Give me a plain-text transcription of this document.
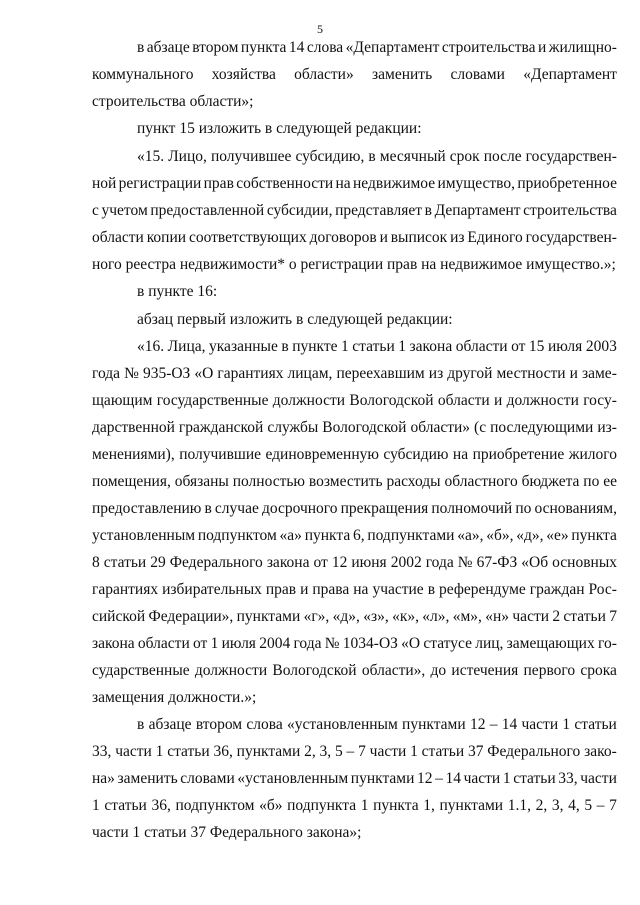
5
в абзаце втором пункта 14 слова «Департамент строительства и жилищно-
коммунального хозяйства области» заменить словами «Департамент
строительства области»;
пункт 15 изложить в следующей редакции:
«15. Лицо, получившее субсидию, в месячный срок после государствен-
ной регистрации прав собственности на недвижимое имущество, приобретенное
с учетом предоставленной субсидии, представляет в Департамент строительства
области копии соответствующих договоров и выписок из Единого государствен-
ного реестра недвижимости* о регистрации прав на недвижимое имущество.»;
в пункте 16:
абзац первый изложить в следующей редакции:
«16. Лица, указанные в пункте 1 статьи 1 закона области от 15 июля 2003
года № 935-ОЗ «О гарантиях лицам, переехавшим из другой местности и заме-
щающим государственные должности Вологодской области и должности госу-
дарственной гражданской службы Вологодской области» (с последующими из-
менениями), получившие единовременную субсидию на приобретение жилого
помещения, обязаны полностью возместить расходы областного бюджета по ее
предоставлению в случае досрочного прекращения полномочий по основаниям,
установленным подпунктом «а» пункта 6, подпунктами «а», «б», «д», «е» пункта
8 статьи 29 Федерального закона от 12 июня 2002 года № 67-ФЗ «Об основных
гарантиях избирательных прав и права на участие в референдуме граждан Рос-
сийской Федерации», пунктами «г», «д», «з», «к», «л», «м», «н» части 2 статьи 7
закона области от 1 июля 2004 года № 1034-ОЗ «О статусе лиц, замещающих го-
сударственные должности Вологодской области», до истечения первого срока
замещения должности.»;
в абзаце втором слова «установленным пунктами 12 – 14 части 1 статьи
33, части 1 статьи 36, пунктами 2, 3, 5 – 7 части 1 статьи 37 Федерального зако-
на» заменить словами «установленным пунктами 12 – 14 части 1 статьи 33, части
1 статьи 36, подпунктом «б» подпункта 1 пункта 1, пунктами 1.1, 2, 3, 4, 5 – 7
части 1 статьи 37 Федерального закона»;
